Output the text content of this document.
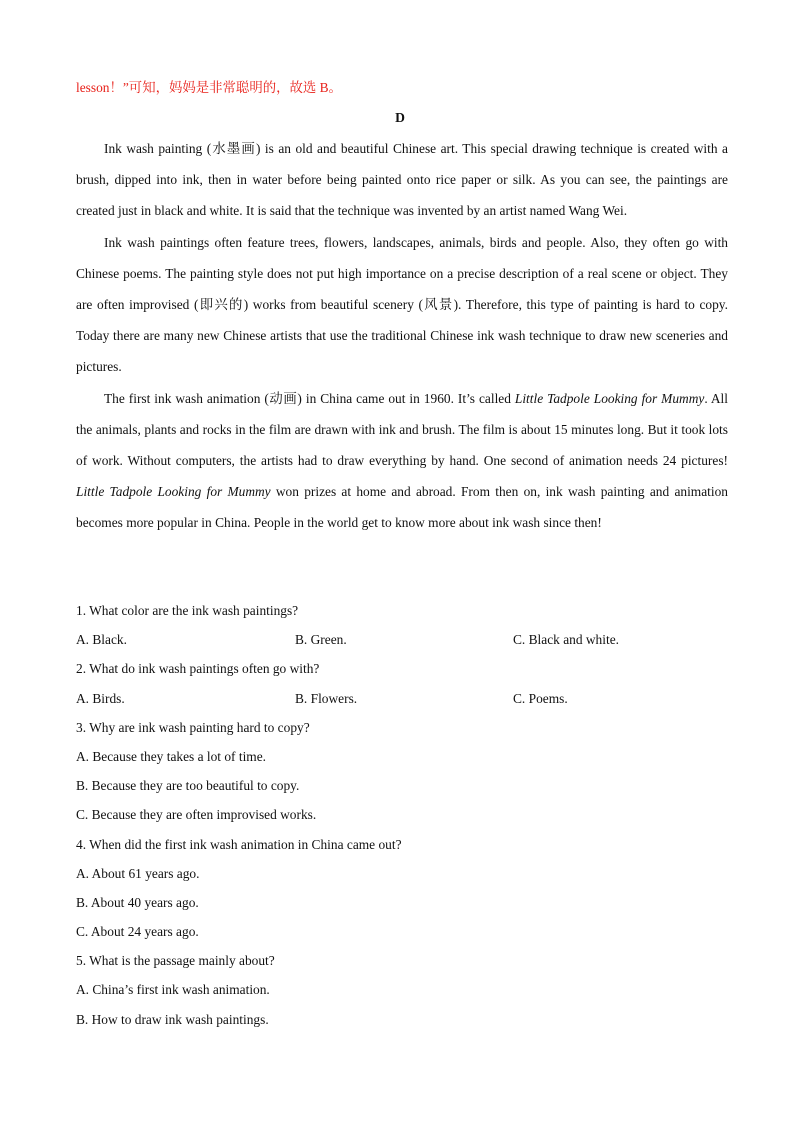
lesson！”可知，妈妈是非常聪明的，故选 B。
D

Ink wash painting (水墨画) is an old and beautiful Chinese art. This special drawing technique is created with a brush, dipped into ink, then in water before being painted onto rice paper or silk. As you can see, the paintings are created just in black and white. It is said that the technique was invented by an artist named Wang Wei.

Ink wash paintings often feature trees, flowers, landscapes, animals, birds and people. Also, they often go with Chinese poems. The painting style does not put high importance on a precise description of a real scene or object. They are often improvised (即兴的) works from beautiful scenery (风景). Therefore, this type of painting is hard to copy. Today there are many new Chinese artists that use the traditional Chinese ink wash technique to draw new sceneries and pictures.

The first ink wash animation (动画) in China came out in 1960. It’s called Little Tadpole Looking for Mummy. All the animals, plants and rocks in the film are drawn with ink and brush. The film is about 15 minutes long. But it took lots of work. Without computers, the artists had to draw everything by hand. One second of animation needs 24 pictures! Little Tadpole Looking for Mummy won prizes at home and abroad. From then on, ink wash painting and animation becomes more popular in China. People in the world get to know more about ink wash since then!

1. What color are the ink wash paintings?
A. Black.	B. Green.	C. Black and white.
2. What do ink wash paintings often go with?
A. Birds.	B. Flowers.	C. Poems.
3. Why are ink wash painting hard to copy?
A. Because they takes a lot of time.
B. Because they are too beautiful to copy.
C. Because they are often improvised works.
4. When did the first ink wash animation in China came out?
A. About 61 years ago.
B. About 40 years ago.
C. About 24 years ago.
5. What is the passage mainly about?
A. China’s first ink wash animation.
B. How to draw ink wash paintings.
